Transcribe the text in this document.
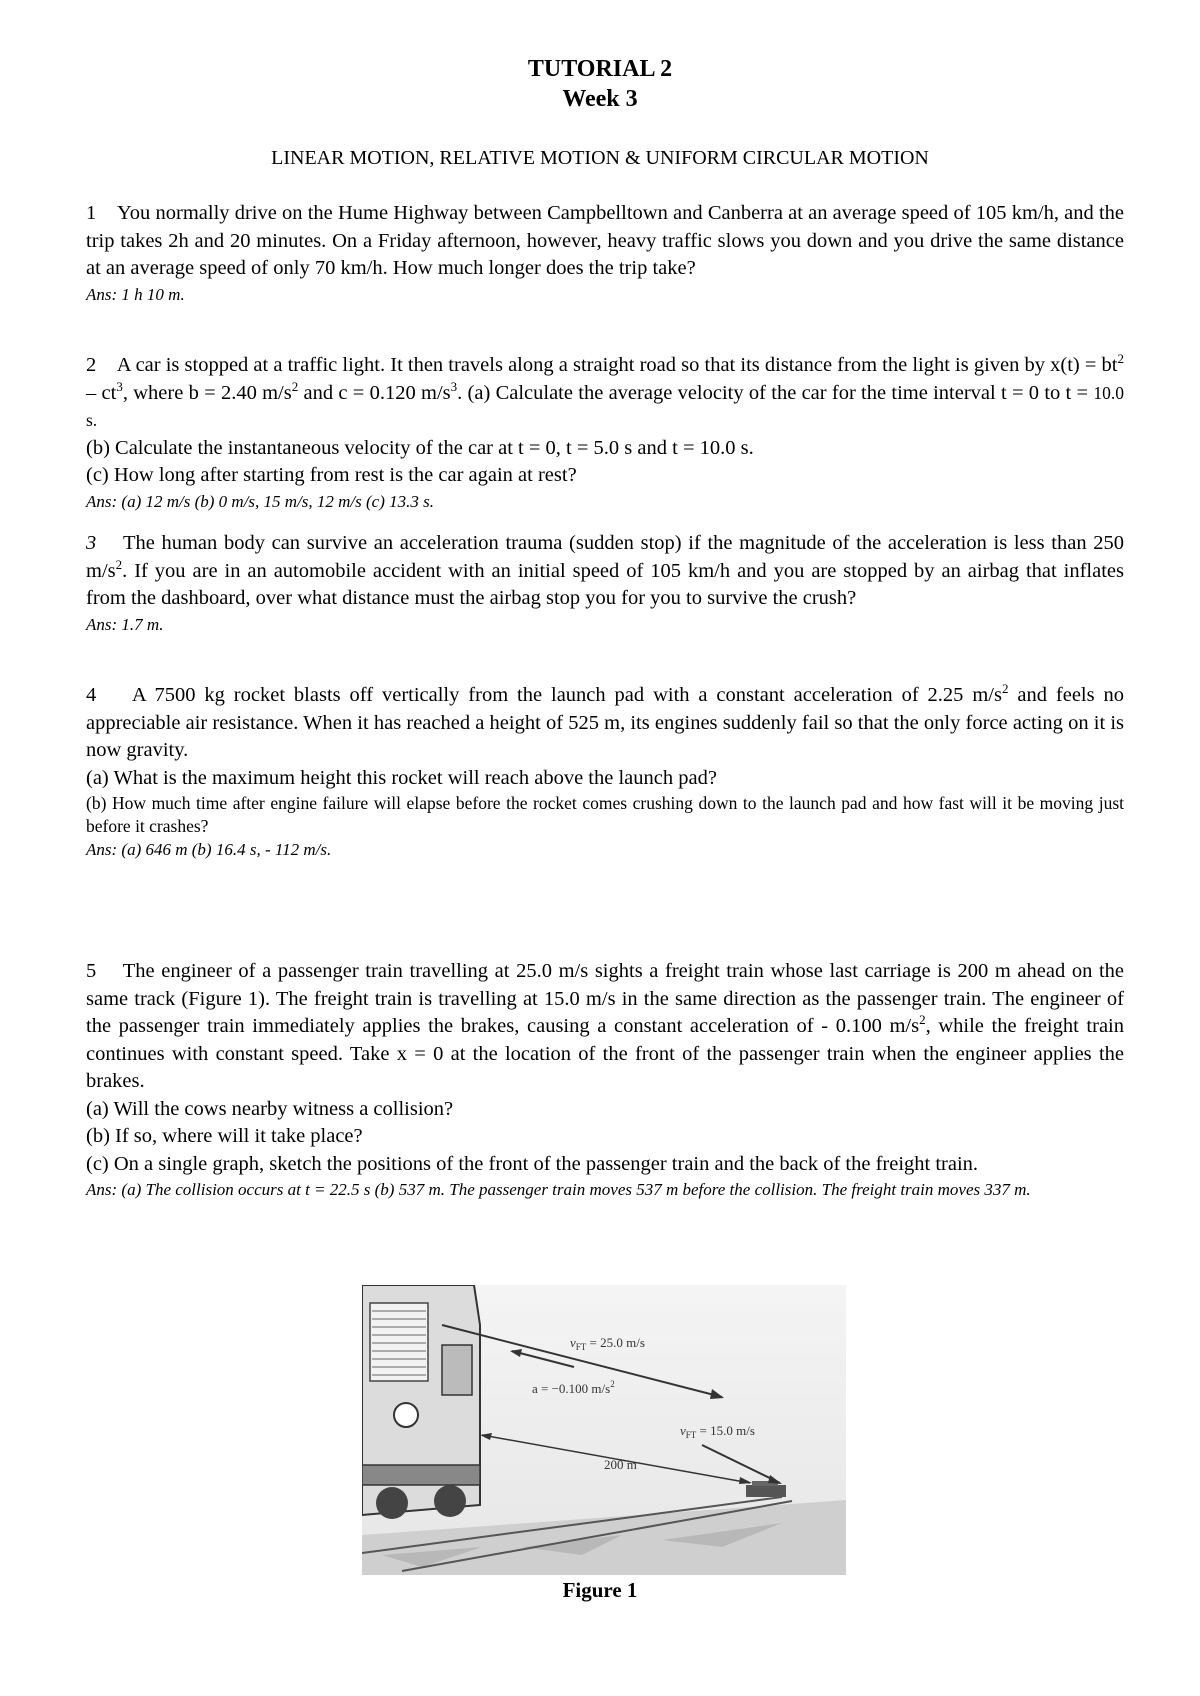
TUTORIAL 2
Week 3
LINEAR MOTION, RELATIVE MOTION & UNIFORM CIRCULAR MOTION

1 You normally drive on the Hume Highway between Campbelltown and Canberra at an average speed of 105 km/h, and the trip takes 2h and 20 minutes. On a Friday afternoon, however, heavy traffic slows you down and you drive the same distance at an average speed of only 70 km/h. How much longer does the trip take?

Ans: 1 h 10 m.

2 A car is stopped at a traffic light. It then travels along a straight road so that its distance from the light is given by $x(t) = bt^2 - ct^3$, where b = 2.40 $m/s^2$ and c = 0.120 $m/s^3$. (a) Calculate the average velocity of the car for the time interval t = 0 to t = 10.0 s.

(b) Calculate the instantaneous velocity of the car at t = 0, t = 5.0 s and t = 10.0 s.

(c) How long after starting from rest is the car again at rest?

Ans: (a) 12 m/s (b) 0 m/s, 15 m/s, 12 m/s (c) 13.3 s.

3 The human body can survive an acceleration trauma (sudden stop) if the magnitude of the acceleration is less than 250 $m/s^2$. If you are in an automobile accident with an initial speed of 105 km/h and you are stopped by an airbag that inflates from the dashboard, over what distance must the airbag stop you for you to survive the crush?

Ans: 1.7 m.

4 A 7500 kg rocket blasts off vertically from the launch pad with a constant acceleration of 2.25 $m/s^2$ and feels no appreciable air resistance. When it has reached a height of 525 m, its engines suddenly fail so that the only force acting on it is now gravity.

(a) What is the maximum height this rocket will reach above the launch pad?

(b) How much time after engine failure will elapse before the rocket comes crushing down to the launch pad and how fast will it be moving just before it crashes?

Ans: (a) 646 m (b) 16.4 s, - 112 m/s.

5 The engineer of a passenger train travelling at 25.0 m/s sights a freight train whose last carriage is 200 m ahead on the same track (Figure 1). The freight train is travelling at 15.0 m/s in the same direction as the passenger train. The engineer of the passenger train immediately applies the brakes, causing a constant acceleration of - 0.100 $m/s^2$, while the freight train continues with constant speed. Take x = 0 at the location of the front of the passenger train when the engineer applies the brakes.

(a) Will the cows nearby witness a collision?

(b) If so, where will it take place?

(c) On a single graph, sketch the positions of the front of the passenger train and the back of the freight train.

Ans: (a) The collision occurs at t = 22.5 s (b) 537 m. The passenger train moves 537 m before the collision. The freight train moves 337 m.

$v_{FT} = 25.0$ m/s
a = −0.100 $m/s^2$
$v_{FT} = 15.0$ m/s
200 m
Figure 1
